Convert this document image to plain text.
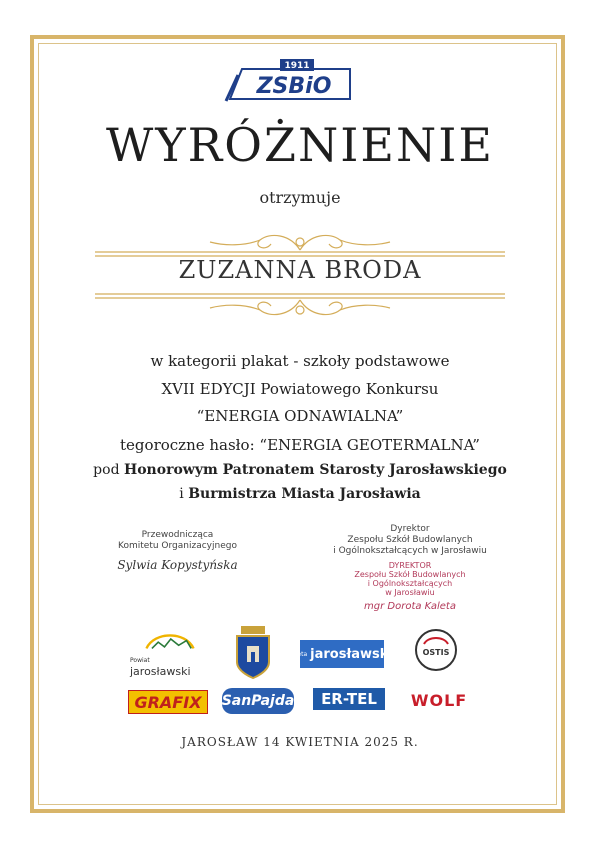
1911
ZSBiO
WYRÓŻNIENIE
otrzymuje
ZUZANNA BRODA
w kategorii plakat - szkoły podstawowe
XVII EDYCJI Powiatowego Konkursu
“ENERGIA ODNAWIALNA”
tegoroczne hasło: “ENERGIA GEOTERMALNA”
pod Honorowym Patronatem Starosty Jarosławskiego
i Burmistrza Miasta Jarosławia
Przewodnicząca
Komitetu Organizacyjnego
Sylwia Kopystyńska
Dyrektor
Zespołu Szkół Budowlanych
i Ogólnokształcących w Jarosławiu
DYREKTOR
Zespołu Szkół Budowlanych
i Ogólnokształcących
w Jarosławiu
mgr Dorota Kaleta
Powiat jarosławski
gazeta jarosławska	OSTIS
GRAFIX	SanPajda	ER-TEL	WOLF
JAROSŁAW 14 KWIETNIA 2025 R.
